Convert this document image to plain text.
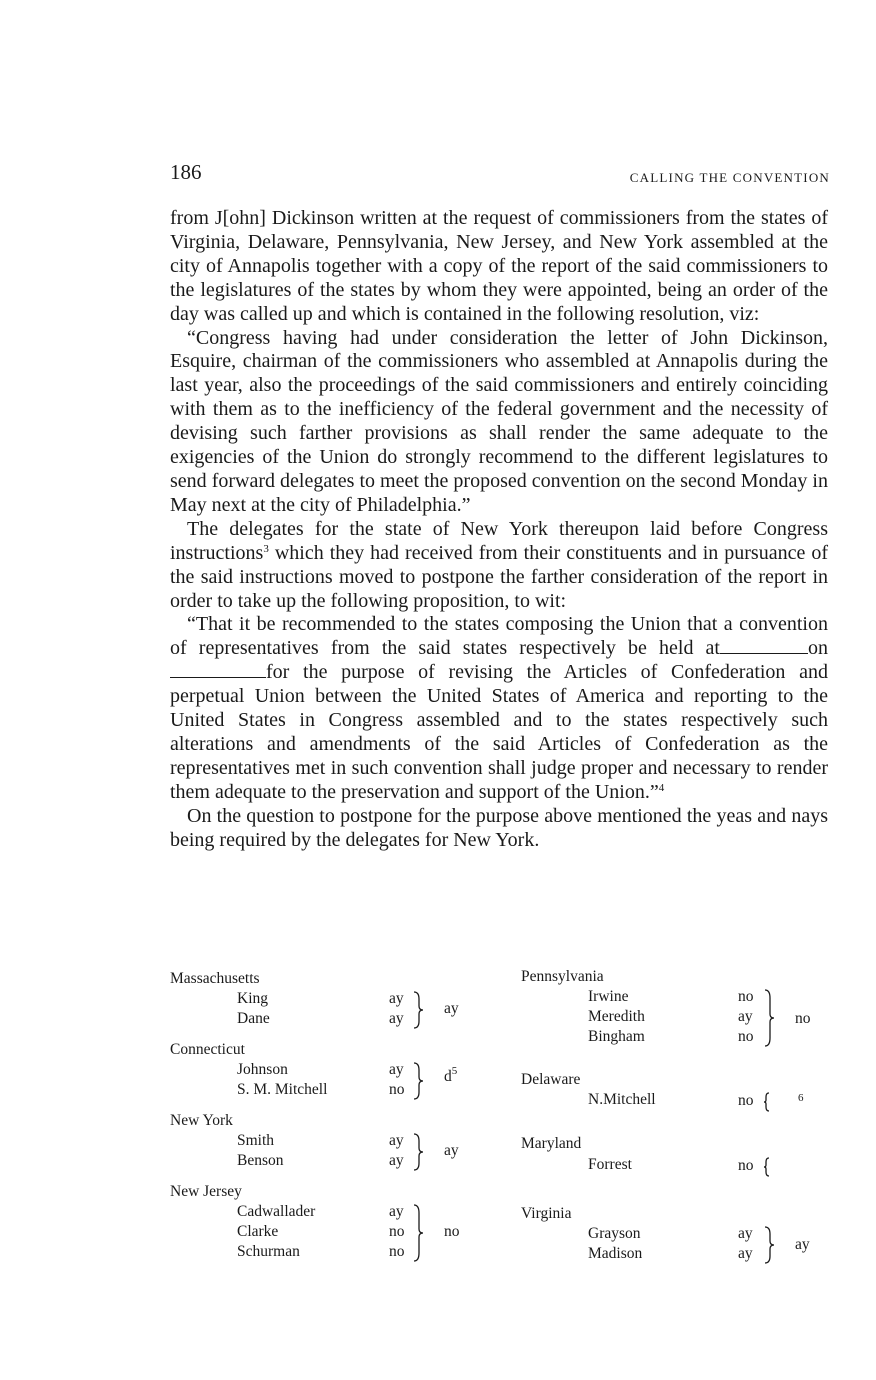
186	CALLING THE CONVENTION

from J[ohn] Dickinson written at the request of commissioners from the states of Virginia, Delaware, Pennsylvania, New Jersey, and New York assembled at the city of Annapolis together with a copy of the report of the said commissioners to the legislatures of the states by whom they were appointed, being an order of the day was called up and which is contained in the following resolution, viz:

“Congress having had under consideration the letter of John Dickinson, Esquire, chairman of the commissioners who assembled at Annapolis during the last year, also the proceedings of the said commissioners and entirely coinciding with them as to the inefficiency of the federal government and the necessity of devising such farther provisions as shall render the same adequate to the exigencies of the Union do strongly recommend to the different legislatures to send forward delegates to meet the proposed convention on the second Monday in May next at the city of Philadelphia.”

The delegates for the state of New York thereupon laid before Congress instructions$^3$ which they had received from their constituents and in pursuance of the said instructions moved to postpone the farther consideration of the report in order to take up the following proposition, to wit:

“That it be recommended to the states composing the Union that a convention of representatives from the said states respectively be held at	onfor the purpose of revising the Articles of Confederation and perpetual Union between the United States of America and reporting to the United States in Congress assembled and to the states respectively such alterations and amendments of the said Articles of Confederation as the representatives met in such convention shall judge proper and necessary to render them adequate to the preservation and support of the Union.”$^4$

On the question to postpone for the purpose above mentioned the yeas and nays being required by the delegates for New York.

Massachusetts
King	ay
Dane	ay
ay
Connecticut
Johnson	ay
S. M. Mitchell	no
$d^5$
New York
Smith	ay
Benson	ay
ay
New Jersey
Cadwallader	ay
Clarke	no
Schurman	no
no
Pennsylvania
Irwine	no
Meredith	ay
Bingham	no
no
Delaware
N.Mitchell	no	6
Maryland
Forrest	no
Virginia
Grayson	ay
Madison	ay
ay
